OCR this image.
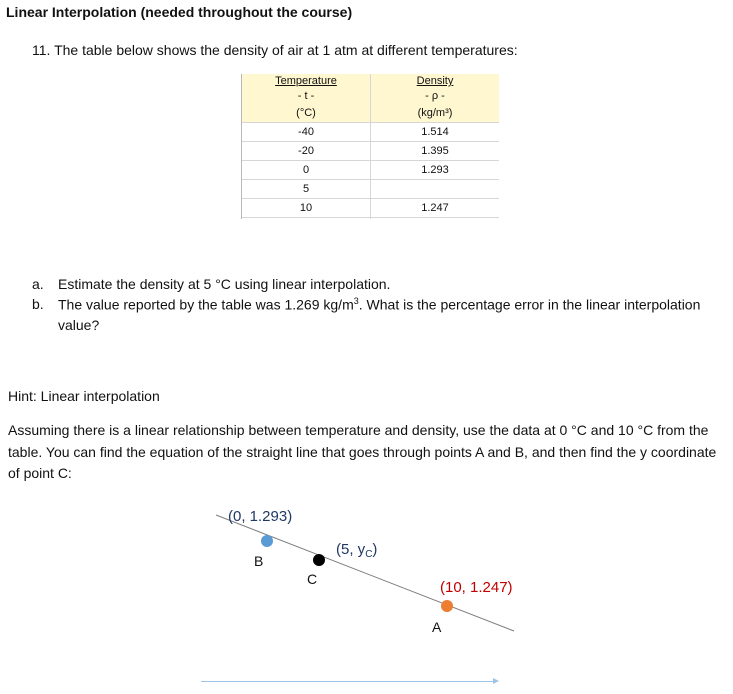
Linear Interpolation (needed throughout the course)
11. The table below shows the density of air at 1 atm at different temperatures:
Temperature	Density
- t -	- ρ -
(°C)	(kg/m³)
-40	1.514
-20	1.395
0	1.293
5	
10	1.247

a. Estimate the density at 5 °C using linear interpolation.
b. The value reported by the table was 1.269 $kg/m^3$. What is the percentage error in the linear interpolation
value?
Hint: Linear interpolation
Assuming there is a linear relationship between temperature and density, use the data at 0 °C and 10 °C from the table. You can find the equation of the straight line that goes through points A and B, and then find the y coordinate of point C:
(0, 1.293)
B
C
(5, $y_C$)
(10, 1.247)
A
